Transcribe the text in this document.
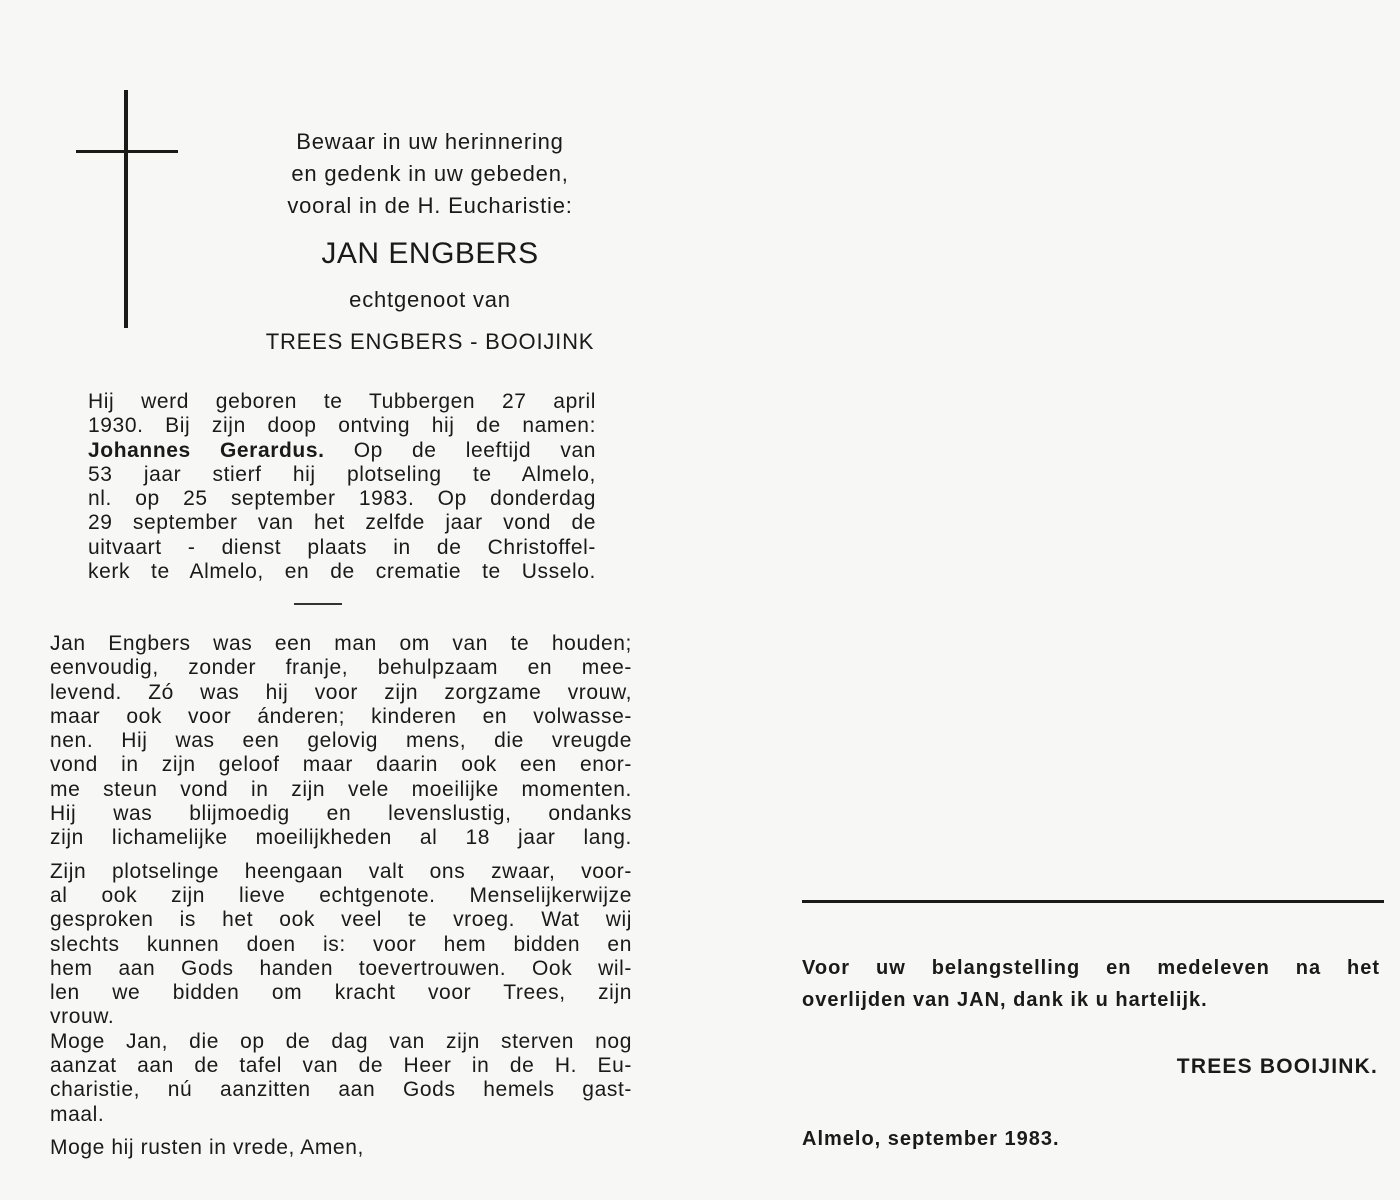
Bewaar in uw herinnering
en gedenk in uw gebeden,
vooral in de H. Eucharistie:
JAN ENGBERS
echtgenoot van
TREES ENGBERS - BOOIJINK
Hij werd geboren te Tubbergen 27 april
1930. Bij zijn doop ontving hij de namen:
Johannes Gerardus. Op de leeftijd van
53 jaar stierf hij plotseling te Almelo,
nl. op 25 september 1983. Op donderdag
29 september van het zelfde jaar vond de
uitvaart - dienst plaats in de Christoffel-
kerk te Almelo, en de crematie te Usselo.
Jan Engbers was een man om van te houden;
eenvoudig, zonder franje, behulpzaam en mee-
levend. Zó was hij voor zijn zorgzame vrouw,
maar ook voor ánderen; kinderen en volwasse-
nen. Hij was een gelovig mens, die vreugde
vond in zijn geloof maar daarin ook een enor-
me steun vond in zijn vele moeilijke momenten.
Hij was blijmoedig en levenslustig, ondanks
zijn lichamelijke moeilijkheden al 18 jaar lang.
Zijn plotselinge heengaan valt ons zwaar, voor-
al ook zijn lieve echtgenote. Menselijkerwijze
gesproken is het ook veel te vroeg. Wat wij
slechts kunnen doen is: voor hem bidden en
hem aan Gods handen toevertrouwen. Ook wil-
len we bidden om kracht voor Trees, zijn
vrouw.
Moge Jan, die op de dag van zijn sterven nog
aanzat aan de tafel van de Heer in de H. Eu-
charistie, nú aanzitten aan Gods hemels gast-
maal.
Moge hij rusten in vrede, Amen,
Voor uw belangstelling en medeleven na het
overlijden van JAN, dank ik u hartelijk.
TREES BOOIJINK.
Almelo, september 1983.
